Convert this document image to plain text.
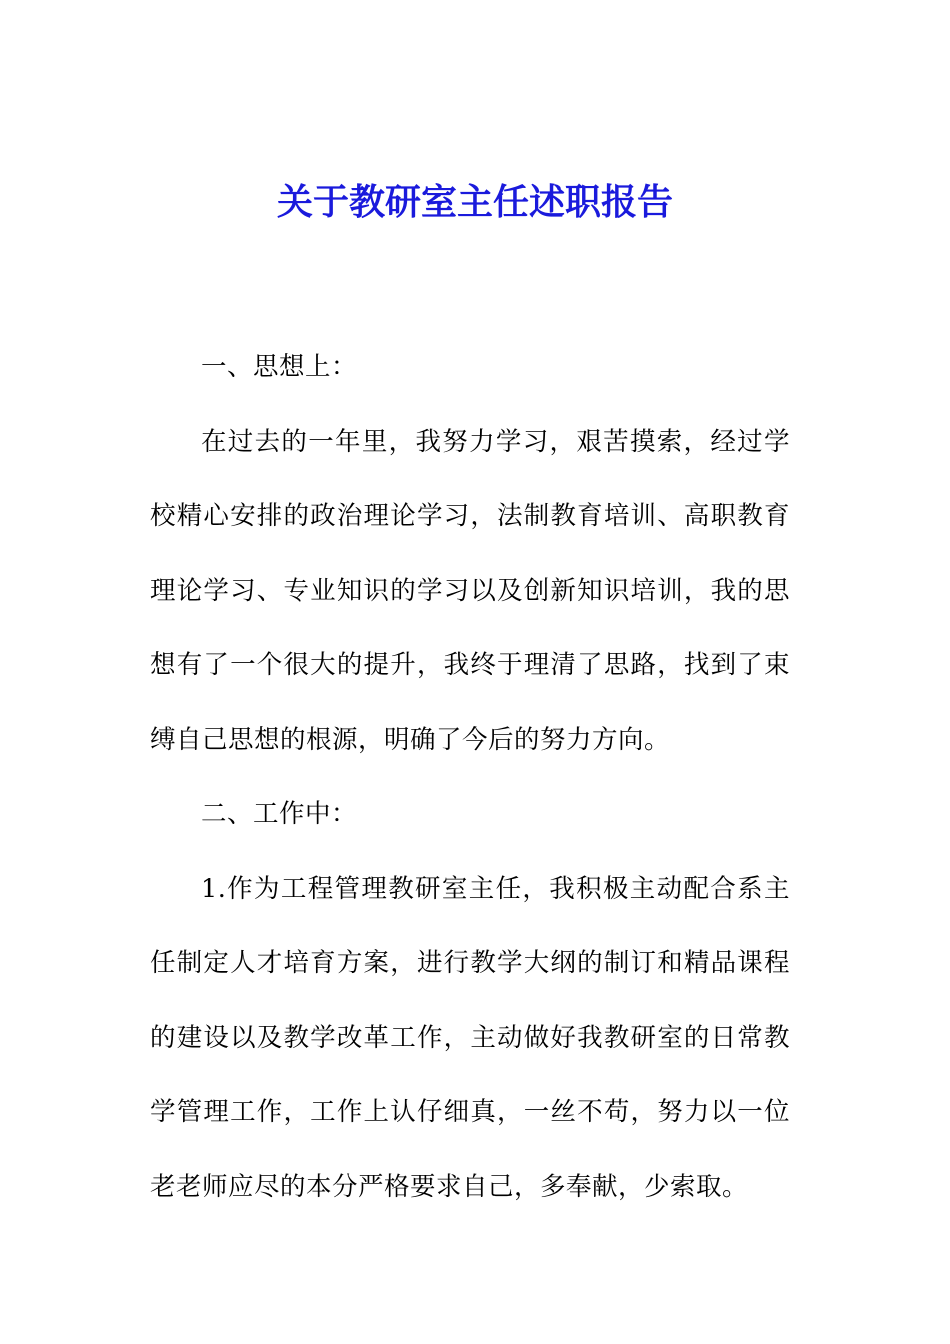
关于教研室主任述职报告

一、思想上：

在过去的一年里，我努力学习，艰苦摸索，经过学校精心安排的政治理论学习，法制教育培训、高职教育理论学习、专业知识的学习以及创新知识培训，我的思想有了一个很大的提升，我终于理清了思路，找到了束缚自己思想的根源，明确了今后的努力方向。

二、工作中：

1.作为工程管理教研室主任，我积极主动配合系主任制定人才培育方案，进行教学大纲的制订和精品课程的建设以及教学改革工作，主动做好我教研室的日常教学管理工作，工作上认仔细真，一丝不苟，努力以一位老老师应尽的本分严格要求自己，多奉献，少索取。
